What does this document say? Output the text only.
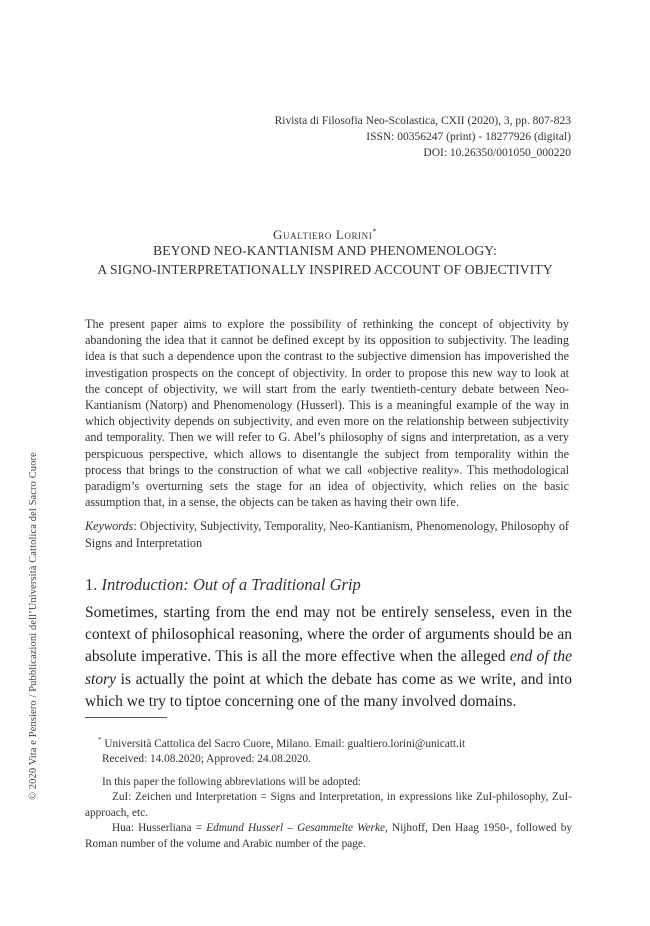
Rivista di Filosofia Neo-Scolastica, CXII (2020), 3, pp. 807-823
ISSN: 00356247 (print) - 18277926 (digital)
DOI: 10.26350/001050_000220
Gualtiero Lorini*
BEYOND NEO-KANTIANISM AND PHENOMENOLOGY:
A SIGNO-INTERPRETATIONALLY INSPIRED ACCOUNT OF OBJECTIVITY
The present paper aims to explore the possibility of rethinking the concept of objectivity by abandoning the idea that it cannot be defined except by its opposition to subjectivity. The leading idea is that such a dependence upon the contrast to the subjective dimension has impoverished the investigation prospects on the concept of objectivity. In order to propose this new way to look at the concept of objectivity, we will start from the early twentieth-century debate between Neo-Kantianism (Natorp) and Phenomenology (Husserl). This is a meaningful example of the way in which objectivity depends on subjectivity, and even more on the relationship between subjectivity and temporality. Then we will refer to G. Abel’s philosophy of signs and interpretation, as a very perspicuous perspective, which allows to disentangle the subject from temporality within the process that brings to the construction of what we call «objective reality». This methodological paradigm’s overturning sets the stage for an idea of objectivity, which relies on the basic assumption that, in a sense, the objects can be taken as having their own life.
Keywords: Objectivity, Subjectivity, Temporality, Neo-Kantianism, Phenomenology, Philosophy of Signs and Interpretation
1. Introduction: Out of a Traditional Grip
Sometimes, starting from the end may not be entirely senseless, even in the context of philosophical reasoning, where the order of arguments should be an absolute imperative. This is all the more effective when the alleged end of the story is actually the point at which the debate has come as we write, and into which we try to tiptoe concerning one of the many involved domains.
* Università Cattolica del Sacro Cuore, Milano. Email: gualtiero.lorini@unicatt.it
Received: 14.08.2020; Approved: 24.08.2020.
In this paper the following abbreviations will be adopted:
ZuI: Zeichen und Interpretation = Signs and Interpretation, in expressions like ZuI-philosophy, ZuI-approach, etc.
Hua: Husserliana = Edmund Husserl – Gesammelte Werke, Nijhoff, Den Haag 1950-, followed by Roman number of the volume and Arabic number of the page.
© 2020 Vita e Pensiero / Pubblicazioni dell’Università Cattolica del Sacro Cuore
